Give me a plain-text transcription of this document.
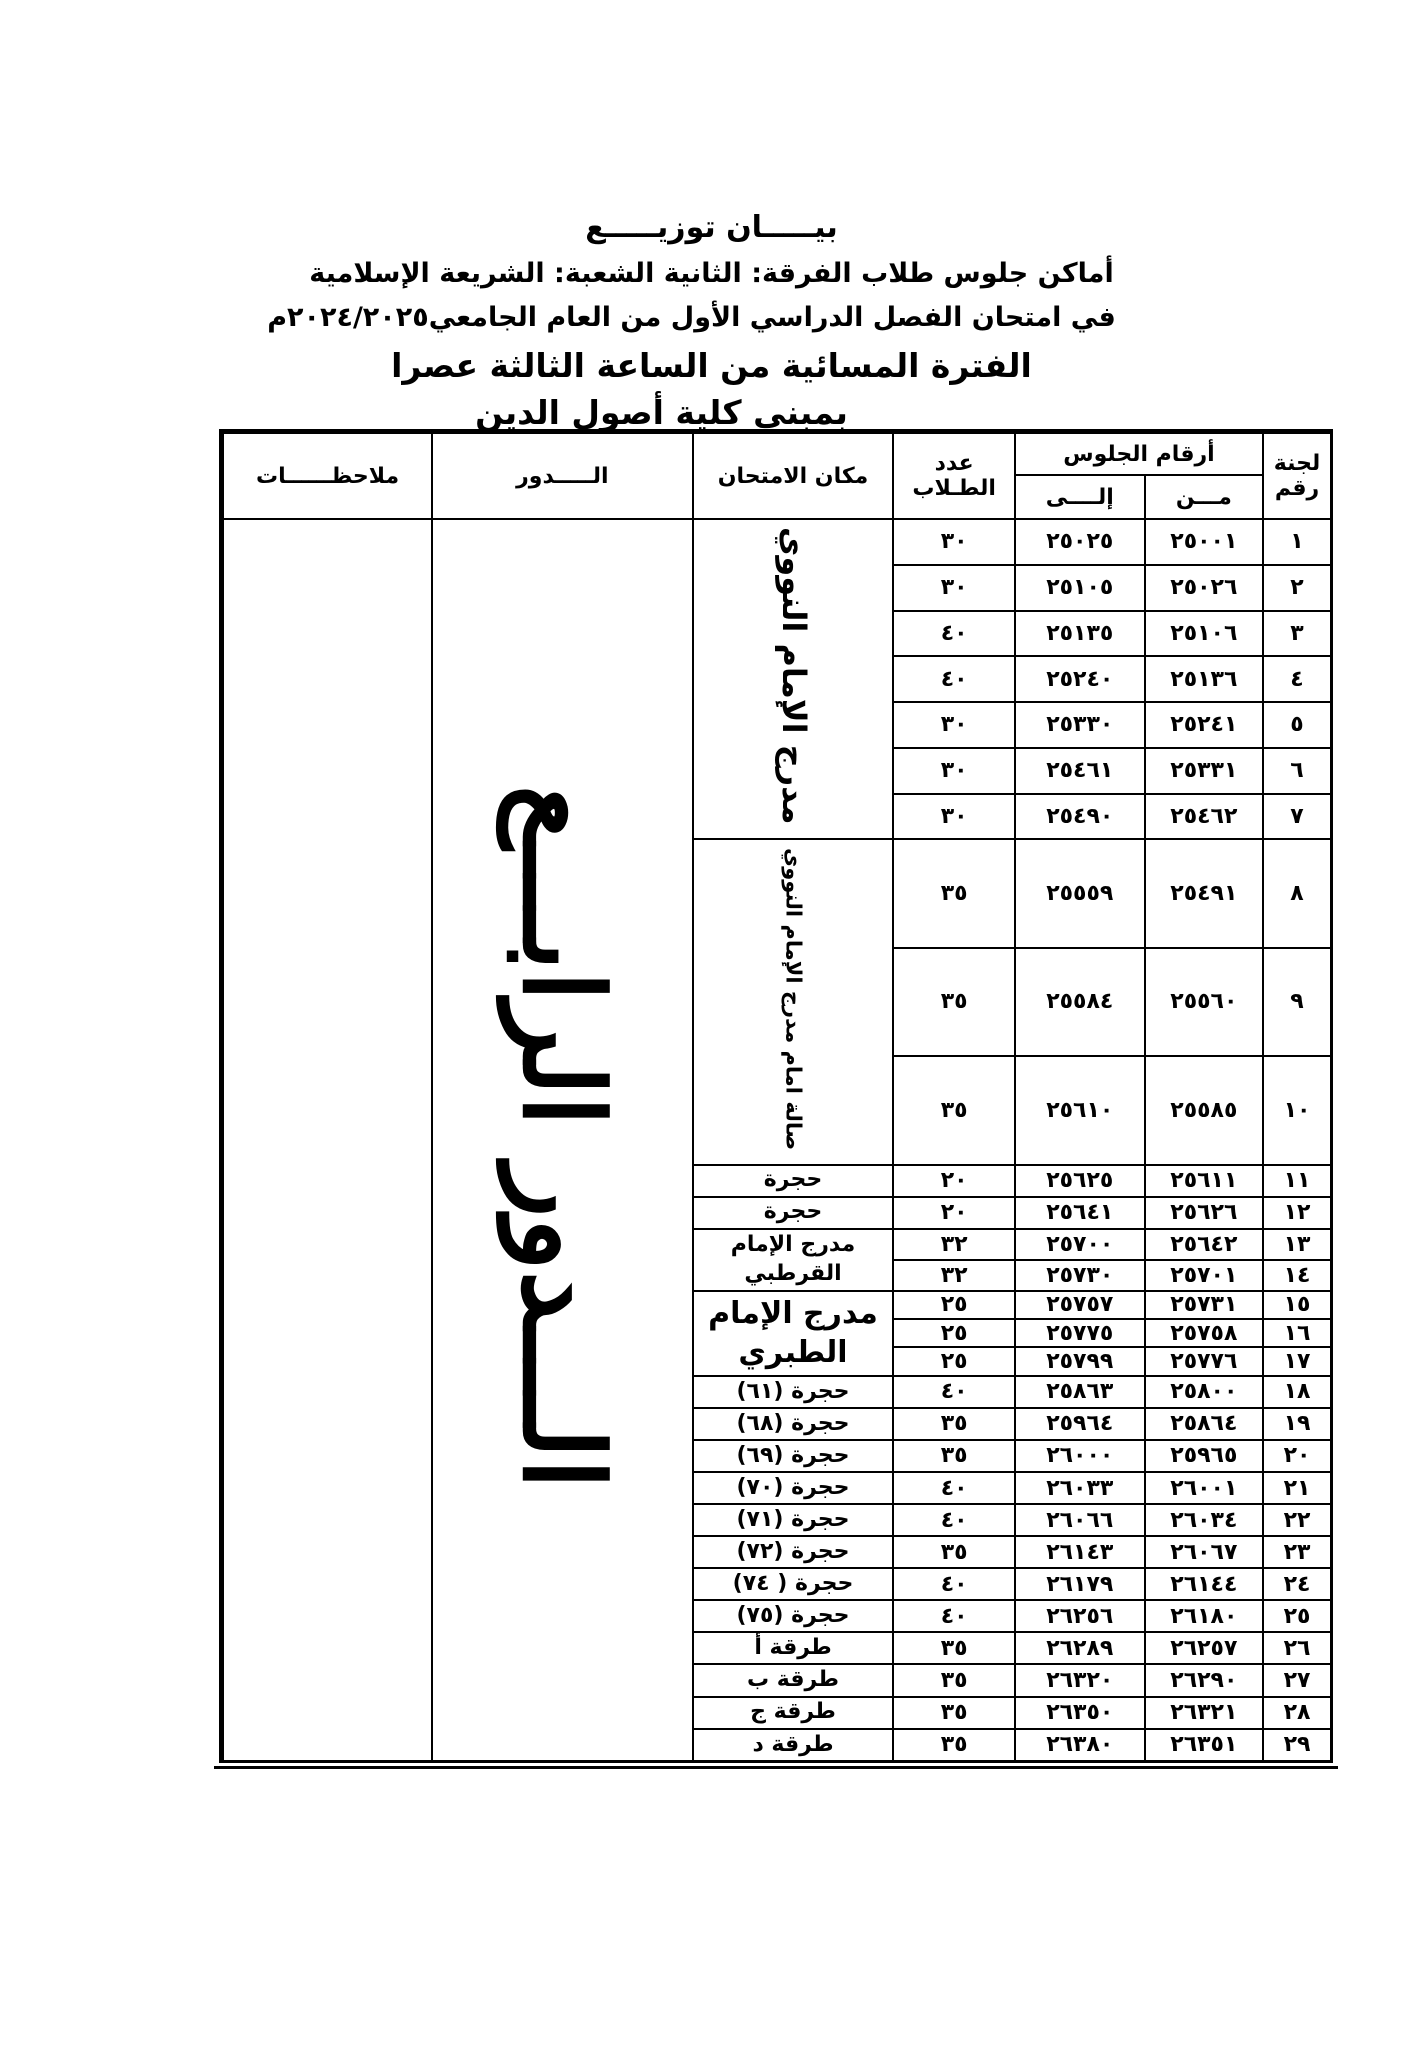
بيـــــان توزيـــــع
أماكن جلوس طلاب الفرقة: الثانية الشعبة: الشريعة الإسلامية
في امتحان الفصل الدراسي الأول من العام الجامعي٢٠٢٤/٢٠٢٥م
الفترة المسائية من الساعة الثالثة عصرا
بمبنى كلية أصول الدين
لجنة رقم	أرقام الجلوس		عدد الطـلاب	مكان الامتحان	الـــــدور	ملاحظــــــات
	مـــن	إلــــى				
١	٢٥٠٠١	٢٥٠٢٥	٣٠	مدرج الإمام النووي	الـــدور الرابـــع	
٢	٢٥٠٢٦	٢٥١٠٥	٣٠			
٣	٢٥١٠٦	٢٥١٣٥	٤٠			
٤	٢٥١٣٦	٢٥٢٤٠	٤٠			
٥	٢٥٢٤١	٢٥٣٣٠	٣٠			
٦	٢٥٣٣١	٢٥٤٦١	٣٠			
٧	٢٥٤٦٢	٢٥٤٩٠	٣٠			
٨	٢٥٤٩١	٢٥٥٥٩	٣٥	صالة امام مدرج الإمام النووي		
٩	٢٥٥٦٠	٢٥٥٨٤	٣٥			
١٠	٢٥٥٨٥	٢٥٦١٠	٣٥			
١١	٢٥٦١١	٢٥٦٢٥	٢٠	حجرة		
١٢	٢٥٦٢٦	٢٥٦٤١	٢٠	حجرة		
١٣	٢٥٦٤٢	٢٥٧٠٠	٣٢	مدرج الإمام القرطبي		
١٤	٢٥٧٠١	٢٥٧٣٠	٣٢			
١٥	٢٥٧٣١	٢٥٧٥٧	٢٥	مدرج الإمام الطبري		
١٦	٢٥٧٥٨	٢٥٧٧٥	٢٥			
١٧	٢٥٧٧٦	٢٥٧٩٩	٢٥			
١٨	٢٥٨٠٠	٢٥٨٦٣	٤٠	حجرة (٦١)		
١٩	٢٥٨٦٤	٢٥٩٦٤	٣٥	حجرة (٦٨)		
٢٠	٢٥٩٦٥	٢٦٠٠٠	٣٥	حجرة (٦٩)		
٢١	٢٦٠٠١	٢٦٠٣٣	٤٠	حجرة (٧٠)		
٢٢	٢٦٠٣٤	٢٦٠٦٦	٤٠	حجرة (٧١)		
٢٣	٢٦٠٦٧	٢٦١٤٣	٣٥	حجرة (٧٢)		
٢٤	٢٦١٤٤	٢٦١٧٩	٤٠	حجرة ( ٧٤)		
٢٥	٢٦١٨٠	٢٦٢٥٦	٤٠	حجرة (٧٥)		
٢٦	٢٦٢٥٧	٢٦٢٨٩	٣٥	طرقة أ		
٢٧	٢٦٢٩٠	٢٦٣٢٠	٣٥	طرقة ب		
٢٨	٢٦٣٢١	٢٦٣٥٠	٣٥	طرقة ج		
٢٩	٢٦٣٥١	٢٦٣٨٠	٣٥	طرقة د		
